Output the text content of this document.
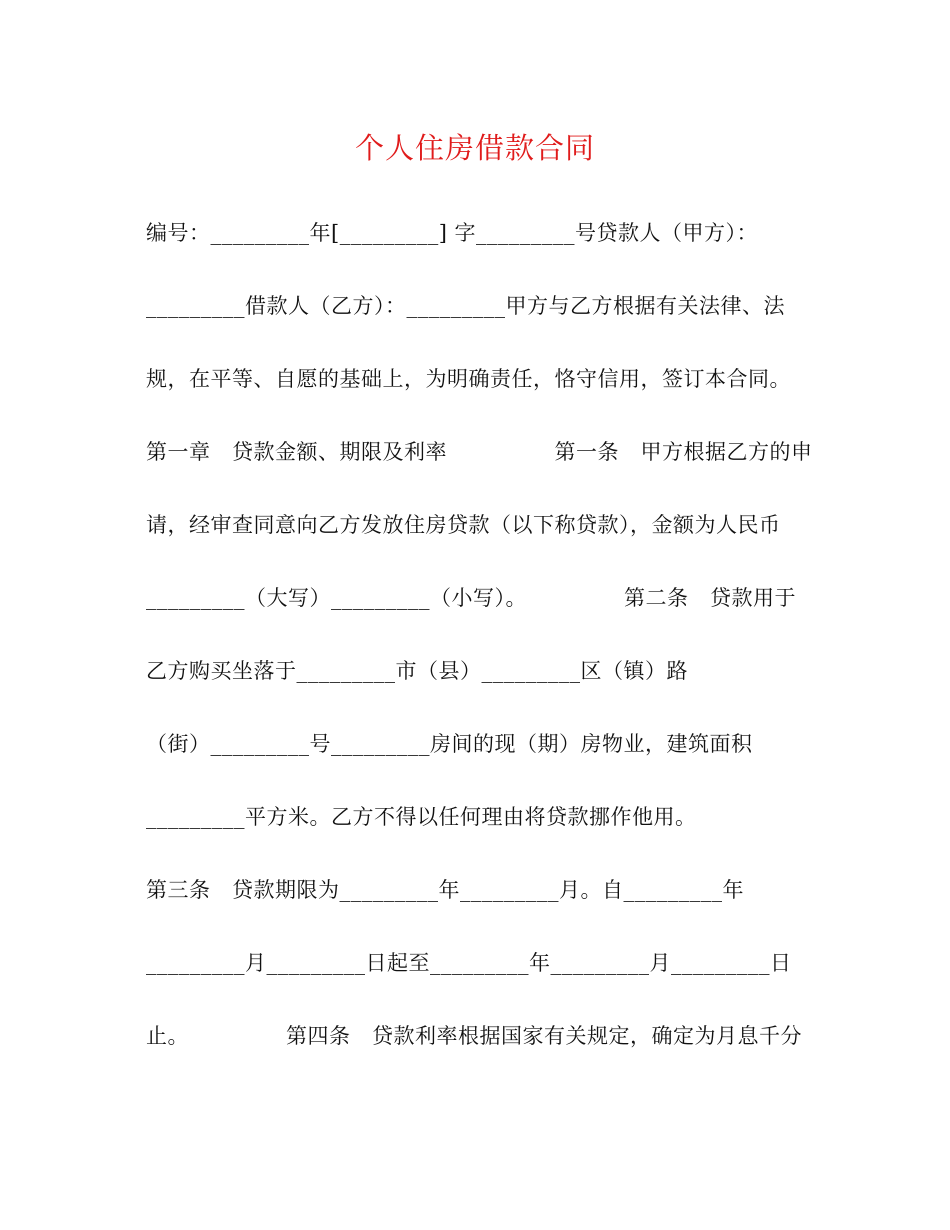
个人住房借款合同
编号：_________年[_________] 字_________号贷款人（甲方）：
_________借款人（乙方）：_________甲方与乙方根据有关法律、法
规，在平等、自愿的基础上，为明确责任，恪守信用，签订本合同。
第一章　贷款金额、期限及利率　　　　　第一条　甲方根据乙方的申
请，经审查同意向乙方发放住房贷款（以下称贷款），金额为人民币
_________（大写）_________（小写）。　　　　　第二条　贷款用于
乙方购买坐落于_________市（县）_________区（镇）路
（街）_________号_________房间的现（期）房物业，建筑面积
_________平方米。乙方不得以任何理由将贷款挪作他用。
第三条　贷款期限为_________年_________月。自_________年
_________月_________日起至_________年_________月_________日
止。　　　　　第四条　贷款利率根据国家有关规定，确定为月息千分
